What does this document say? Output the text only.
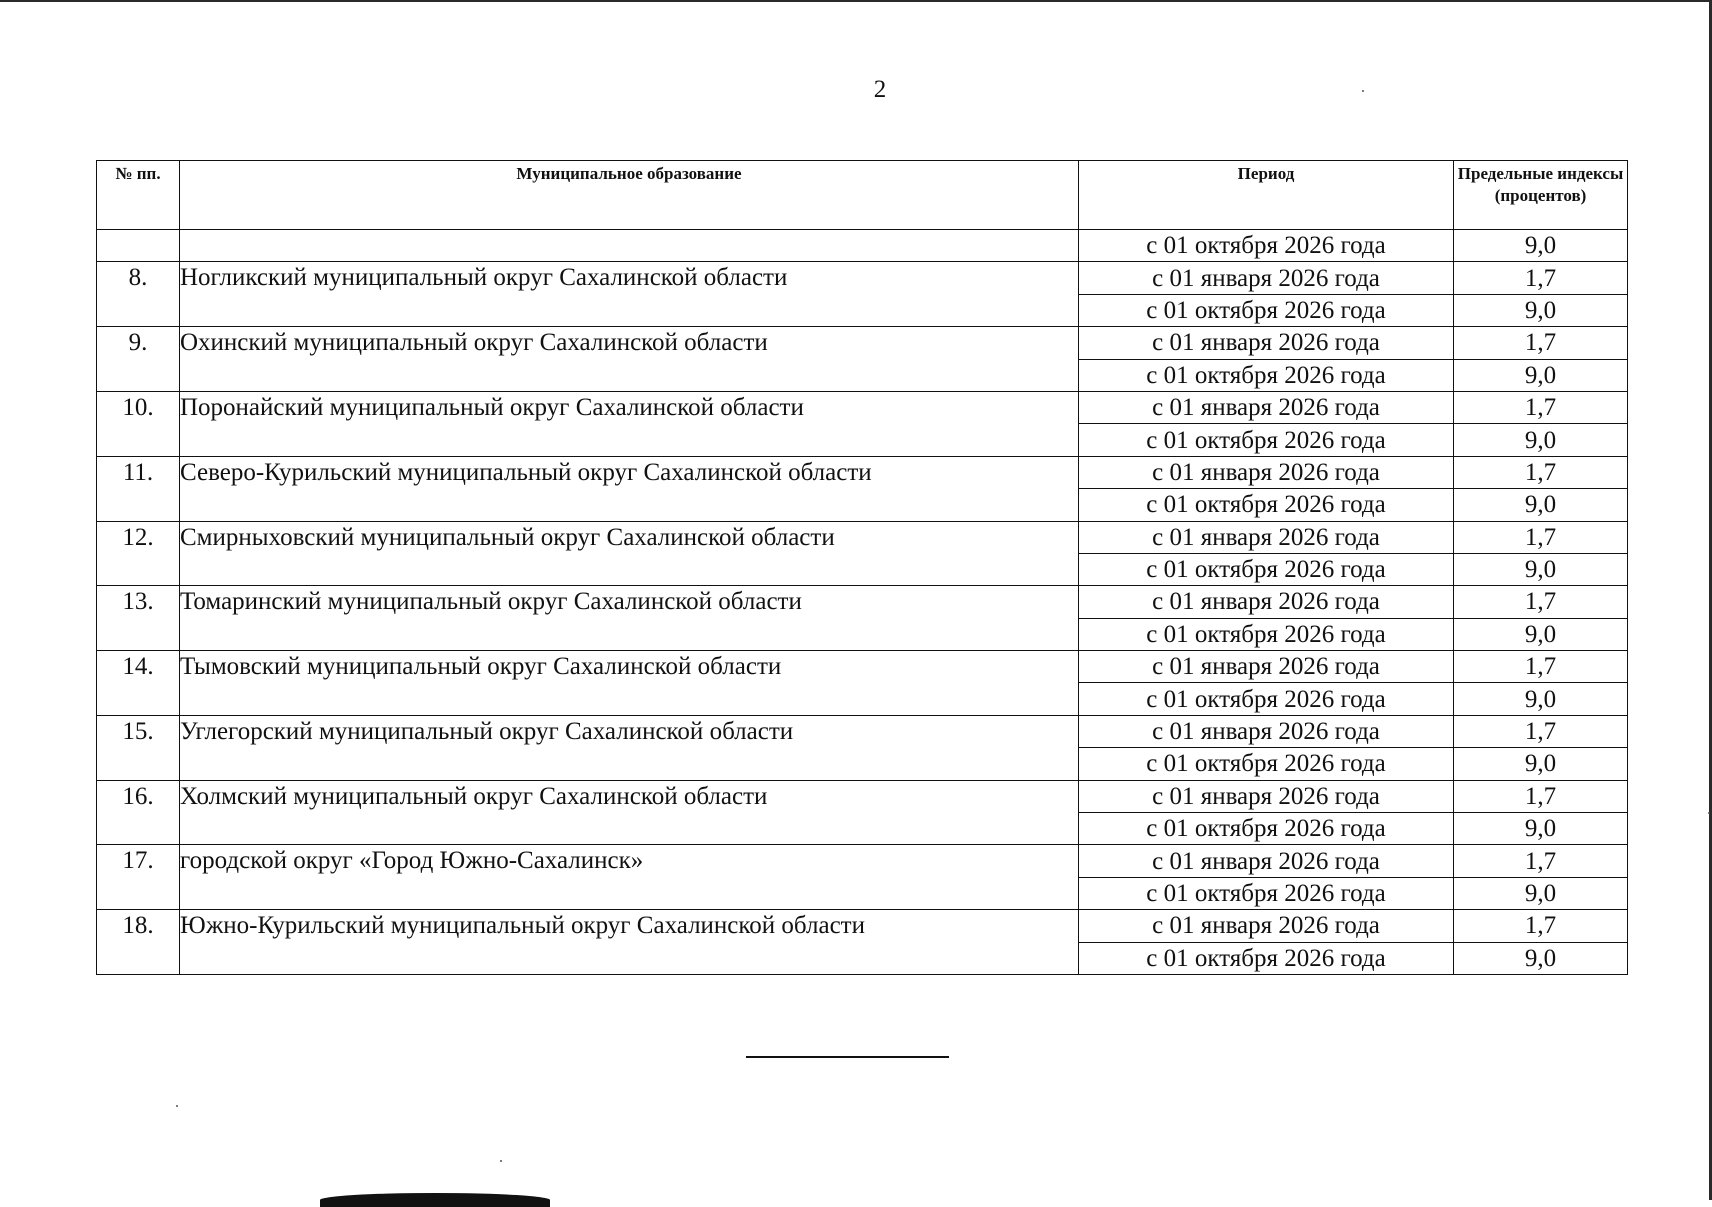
2
№ пп.	Муниципальное образование	Период	Предельные индексы (процентов)
		с 01 октября 2026 года	9,0
8.	Ногликский муниципальный округ Сахалинской области	с 01 января 2026 года	1,7
		с 01 октября 2026 года	9,0
9.	Охинский муниципальный округ Сахалинской области	с 01 января 2026 года	1,7
		с 01 октября 2026 года	9,0
10.	Поронайский муниципальный округ Сахалинской области	с 01 января 2026 года	1,7
		с 01 октября 2026 года	9,0
11.	Северо-Курильский муниципальный округ Сахалинской области	с 01 января 2026 года	1,7
		с 01 октября 2026 года	9,0
12.	Смирныховский муниципальный округ Сахалинской области	с 01 января 2026 года	1,7
		с 01 октября 2026 года	9,0
13.	Томаринский муниципальный округ Сахалинской области	с 01 января 2026 года	1,7
		с 01 октября 2026 года	9,0
14.	Тымовский муниципальный округ Сахалинской области	с 01 января 2026 года	1,7
		с 01 октября 2026 года	9,0
15.	Углегорский муниципальный округ Сахалинской области	с 01 января 2026 года	1,7
		с 01 октября 2026 года	9,0
16.	Холмский муниципальный округ Сахалинской области	с 01 января 2026 года	1,7
		с 01 октября 2026 года	9,0
17.	городской округ «Город Южно-Сахалинск»	с 01 января 2026 года	1,7
		с 01 октября 2026 года	9,0
18.	Южно-Курильский муниципальный округ Сахалинской области	с 01 января 2026 года	1,7
		с 01 октября 2026 года	9,0
